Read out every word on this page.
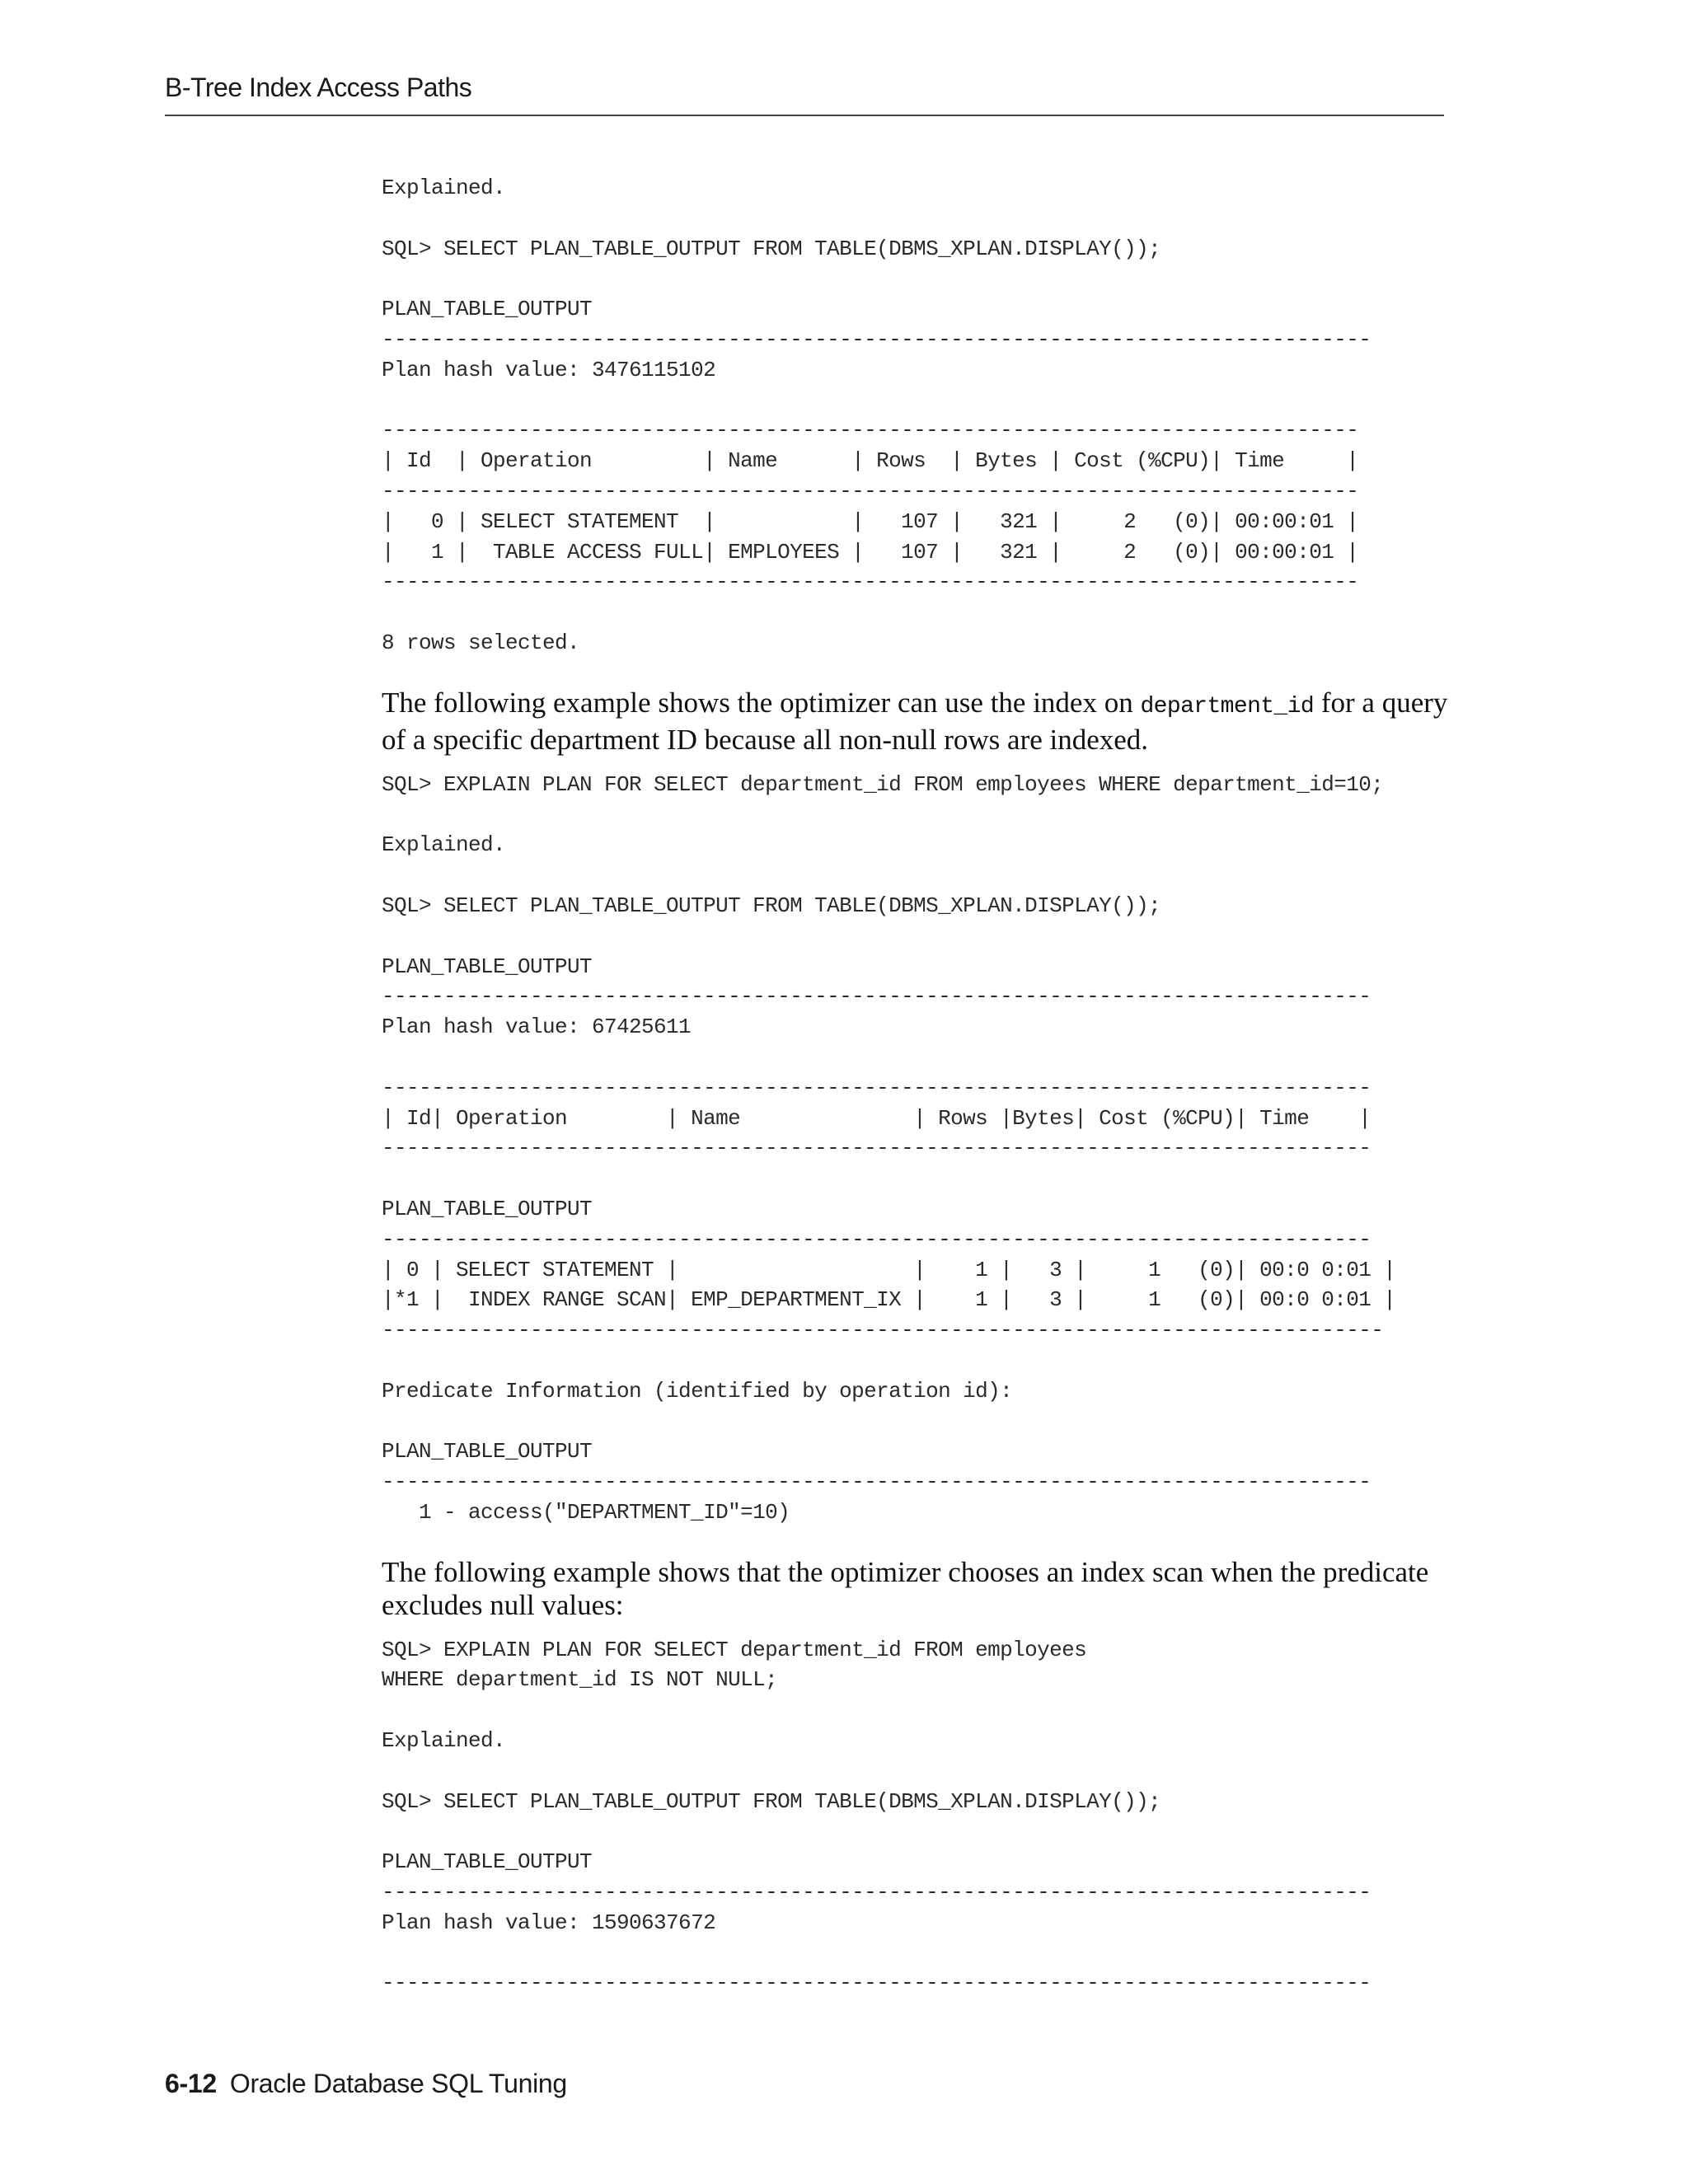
B-Tree Index Access Paths
Explained.

SQL> SELECT PLAN_TABLE_OUTPUT FROM TABLE(DBMS_XPLAN.DISPLAY());

PLAN_TABLE_OUTPUT
--------------------------------------------------------------------------------
Plan hash value: 3476115102

-------------------------------------------------------------------------------
| Id  | Operation         | Name      | Rows  | Bytes | Cost (%CPU)| Time     |
-------------------------------------------------------------------------------
|   0 | SELECT STATEMENT  |           |   107 |   321 |     2   (0)| 00:00:01 |
|   1 |  TABLE ACCESS FULL| EMPLOYEES |   107 |   321 |     2   (0)| 00:00:01 |
-------------------------------------------------------------------------------

8 rows selected.

The following example shows the optimizer can use the index on department_id for a query of a specific department ID because all non-null rows are indexed.

SQL> EXPLAIN PLAN FOR SELECT department_id FROM employees WHERE department_id=10;

Explained.

SQL> SELECT PLAN_TABLE_OUTPUT FROM TABLE(DBMS_XPLAN.DISPLAY());

PLAN_TABLE_OUTPUT
--------------------------------------------------------------------------------
Plan hash value: 67425611

--------------------------------------------------------------------------------
| Id| Operation        | Name              | Rows |Bytes| Cost (%CPU)| Time    |
--------------------------------------------------------------------------------

PLAN_TABLE_OUTPUT
--------------------------------------------------------------------------------
| 0 | SELECT STATEMENT |                   |    1 |   3 |     1   (0)| 00:0 0:01 |
|*1 |  INDEX RANGE SCAN| EMP_DEPARTMENT_IX |    1 |   3 |     1   (0)| 00:0 0:01 |
---------------------------------------------------------------------------------

Predicate Information (identified by operation id):

PLAN_TABLE_OUTPUT
--------------------------------------------------------------------------------
1 - access("DEPARTMENT_ID"=10)

The following example shows that the optimizer chooses an index scan when the predicate excludes null values:

SQL> EXPLAIN PLAN FOR SELECT department_id FROM employees
WHERE department_id IS NOT NULL;

Explained.

SQL> SELECT PLAN_TABLE_OUTPUT FROM TABLE(DBMS_XPLAN.DISPLAY());

PLAN_TABLE_OUTPUT
--------------------------------------------------------------------------------
Plan hash value: 1590637672

--------------------------------------------------------------------------------
6-12 Oracle Database SQL Tuning
